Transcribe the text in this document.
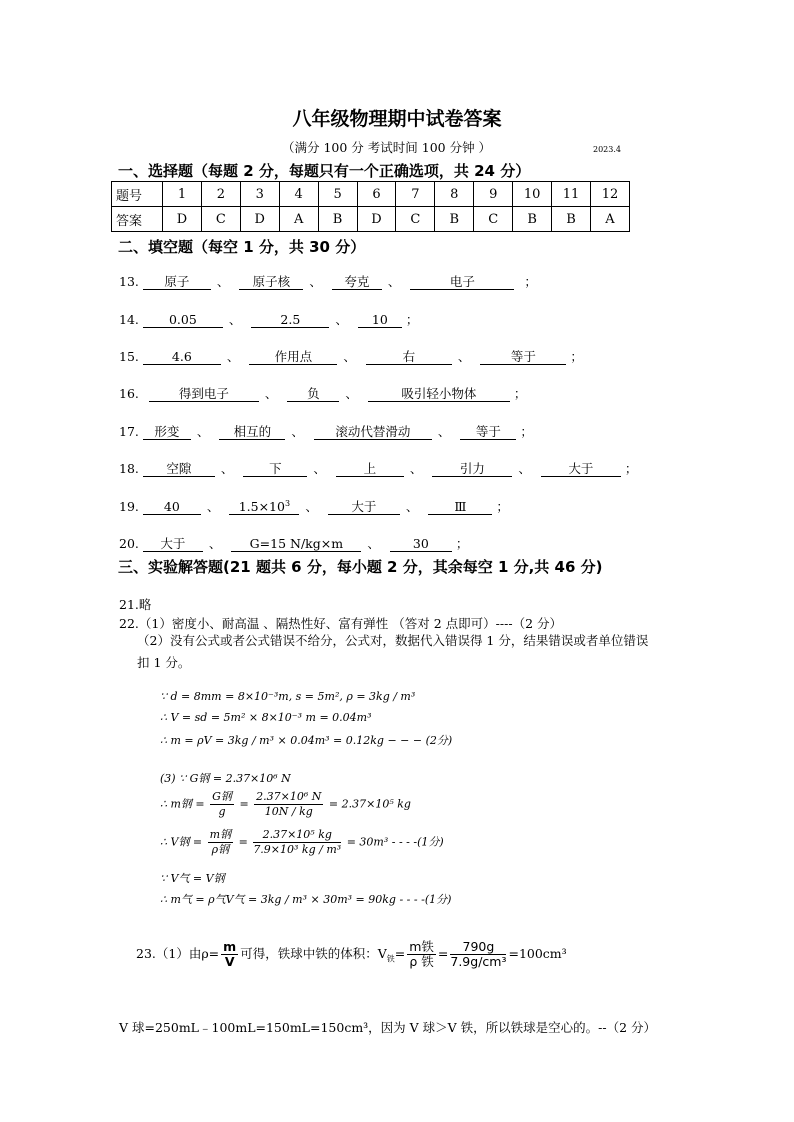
八年级物理期中试卷答案
（满分 100 分 考试时间 100 分钟 ）	2023.4
一、选择题（每题 2 分，每题只有一个正确选项，共 24 分）
题号	1	2	3	4	5	6	7	8	9	10	11	12
答案	D	C	D	A	B	D	C	B	C	B	B	A
二、填空题（每空 1 分，共 30 分）
13. 原子 、 原子核 、 夸克 、	电子	；
14. 0.05	、	2.5	、 10 ；
15.	4.6	、	作用点	、	右	、	等于	；
16.	得到电子	、 负 、	吸引轻小物体	；
17. 形变 、 相互的 、	滚动代替滑动 、 等于 ；
18. 空隙 、	下	、	上	、	引力	、	大于	；
19. 40 、 $1.5\times 10^3$ 、	大于 、	Ⅲ ；
20. 大于 、 G=15 N/kg×m 、	30 ；
三、实验解答题(21 题共 6 分，每小题 2 分，其余每空 1 分,共 46 分)
21.略
22.（1）密度小、耐高温 、隔热性好、富有弹性 （答对 2 点即可）----（2 分）
（2）没有公式或者公式错误不给分，公式对，数据代入错误得 1 分，结果错误或者单位错误扣 1 分。
∵ d = 8mm = 8×10⁻³m, s = 5m², ρ = 3kg / m³
∴ V = sd = 5m² × 8×10⁻³ m = 0.04m³
∴ m = ρV = 3kg / m³ × 0.04m³ = 0.12kg − − − (2分)
(3) ∵ G钢 = 2.37×10⁶ N
∴ m钢 = $\frac{\text{G钢}}{g} = \frac{\text{2.37×10⁶ N}}{10N / kg} = 2.37\times 10^5$ kg
∴ V钢 = $\frac{\text{m钢}}{\text{ρ钢}} = \frac{\text{2.37×10⁵ kg}}{\text{7.9×10³ kg / m³}} = 30m^3$ - - - -(1分)
∵ V气 = V钢
∴ m气 = ρ气V气 = 3kg / m³ × 30m³ = 90kg - - - -(1分)
23.（1）由$\rho= \frac{m}{V}$ 可得，铁球中铁的体积：$V_铁= \frac{\text{m铁}}{\text{ρ 铁}} = \frac{790g}{\text{7.9g/cm³}} =100cm^3$
V 球=250mL﹣100mL=150mL=150cm³，因为 V 球＞V 铁，所以铁球是空心的。--（2 分）
